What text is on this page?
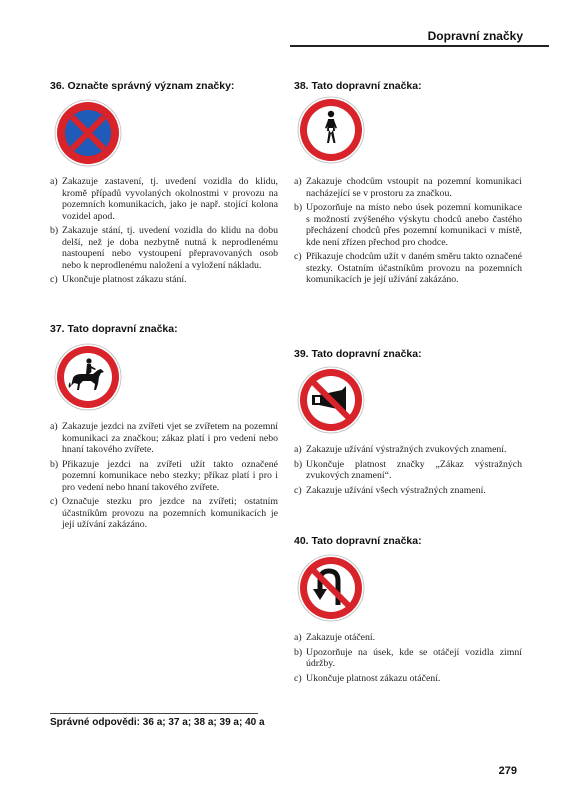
Dopravní značky
36. Označte správný význam značky:
a) Zakazuje zastavení, tj. uvedení vozidla do klidu, kromě případů vyvolaných okolnostmi v provozu na pozemních komunikacích, jako je např. stojící kolona vozidel apod.
b) Zakazuje stání, tj. uvedení vozidla do klidu na dobu delší, než je doba nezbytně nutná k neprodlenému nastoupení nebo vystoupení přepravovaných osob nebo k neprodlenému naložení a vyložení nákladu.
c) Ukončuje platnost zákazu stání.
37. Tato dopravní značka:
a) Zakazuje jezdci na zvířeti vjet se zvířetem na pozemní komunikaci za značkou; zákaz platí i pro vedení nebo hnaní takového zvířete.
b) Přikazuje jezdci na zvířeti užít takto označené pozemní komunikace nebo stezky; příkaz platí i pro i pro vedení nebo hnaní takového zvířete.
c) Označuje stezku pro jezdce na zvířeti; ostatním účastníkům provozu na pozemních komunikacích je její užívání zakázáno.
38. Tato dopravní značka:
a) Zakazuje chodcům vstoupit na pozemní komunikaci nacházející se v prostoru za značkou.
b) Upozorňuje na místo nebo úsek pozemní komunikace s možností zvýšeného výskytu chodců anebo častého přecházení chodců přes pozemní komunikaci v místě, kde není zřízen přechod pro chodce.
c) Přikazuje chodcům užít v daném směru takto označené stezky. Ostatním účastníkům provozu na pozemních komunikacích je její užívání zakázáno.
39. Tato dopravní značka:
a) Zakazuje užívání výstražných zvukových znamení.
b) Ukončuje platnost značky „Zákaz výstražných zvukových znamení“.
c) Zakazuje užívání všech výstražných znamení.
40. Tato dopravní značka:
a) Zakazuje otáčení.
b) Upozorňuje na úsek, kde se otáčejí vozidla zimní údržby.
c) Ukončuje platnost zákazu otáčení.
Správné odpovědi: 36 a; 37 a; 38 a; 39 a; 40 a
279
